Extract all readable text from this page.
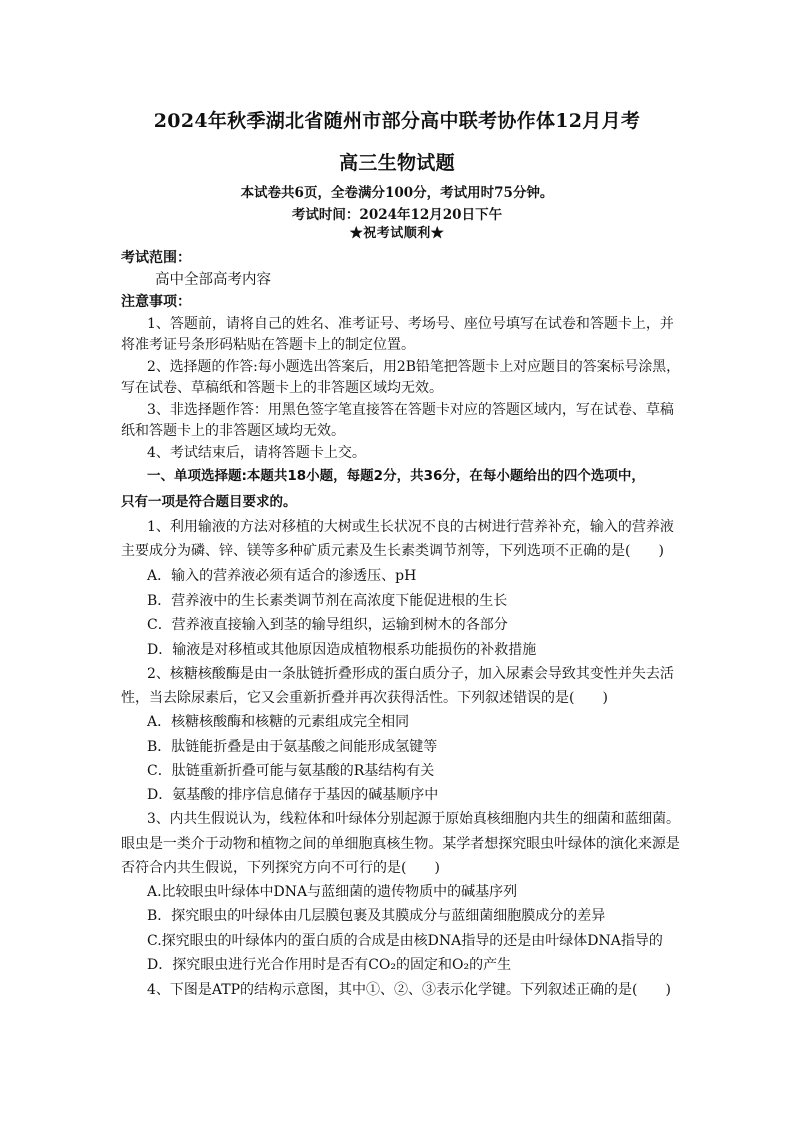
2024年秋季湖北省随州市部分高中联考协作体12月月考
高三生物试题
本试卷共6页，全卷满分100分，考试用时75分钟。
考试时间：2024年12月20日下午
★祝考试顺利★
考试范围：
高中全部高考内容
注意事项：
1、答题前，请将自己的姓名、准考证号、考场号、座位号填写在试卷和答题卡上，并
将准考证号条形码粘贴在答题卡上的制定位置。
2、选择题的作答:每小题选出答案后，用2B铅笔把答题卡上对应题目的答案标号涂黑，
写在试卷、草稿纸和答题卡上的非答题区域均无效。
3、非选择题作答：用黑色签字笔直接答在答题卡对应的答题区域内，写在试卷、草稿
纸和答题卡上的非答题区域均无效。
4、考试结束后，请将答题卡上交。
一、单项选择题:本题共18小题，每题2分，共36分，在每小题给出的四个选项中，
只有一项是符合题目要求的。
1、利用输液的方法对移植的大树或生长状况不良的古树进行营养补充，输入的营养液
主要成分为磷、锌、镁等多种矿质元素及生长素类调节剂等，下列选项不正确的是(　　)
A．输入的营养液必须有适合的渗透压、pH
B．营养液中的生长素类调节剂在高浓度下能促进根的生长
C．营养液直接输入到茎的输导组织，运输到树木的各部分
D．输液是对移植或其他原因造成植物根系功能损伤的补救措施
2、核糖核酸酶是由一条肽链折叠形成的蛋白质分子，加入尿素会导致其变性并失去活
性，当去除尿素后，它又会重新折叠并再次获得活性。下列叙述错误的是(　　)
A．核糖核酸酶和核糖的元素组成完全相同
B．肽链能折叠是由于氨基酸之间能形成氢键等
C．肽链重新折叠可能与氨基酸的R基结构有关
D．氨基酸的排序信息储存于基因的碱基顺序中
3、内共生假说认为，线粒体和叶绿体分别起源于原始真核细胞内共生的细菌和蓝细菌。
眼虫是一类介于动物和植物之间的单细胞真核生物。某学者想探究眼虫叶绿体的演化来源是
否符合内共生假说，下列探究方向不可行的是(　　)
A.比较眼虫叶绿体中DNA与蓝细菌的遗传物质中的碱基序列
B．探究眼虫的叶绿体由几层膜包裹及其膜成分与蓝细菌细胞膜成分的差异
C.探究眼虫的叶绿体内的蛋白质的合成是由核DNA指导的还是由叶绿体DNA指导的
D．探究眼虫进行光合作用时是否有CO₂的固定和O₂的产生
4、下图是ATP的结构示意图，其中①、②、③表示化学键。下列叙述正确的是(　　)
